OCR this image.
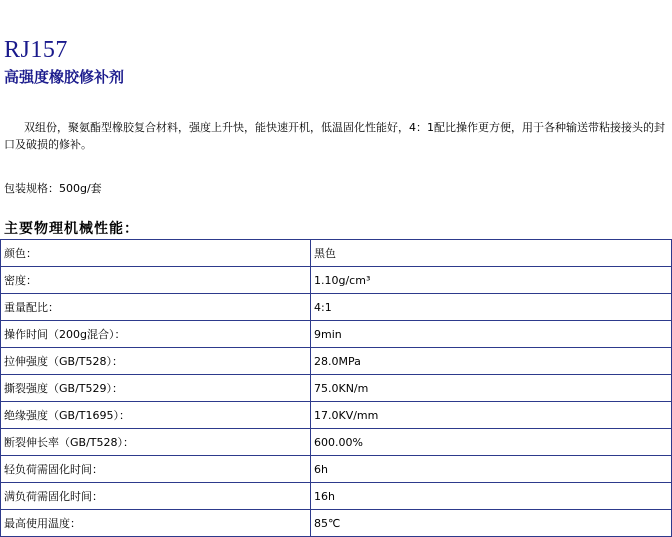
RJ157
高强度橡胶修补剂

双组份，聚氨酯型橡胶复合材料，强度上升快，能快速开机，低温固化性能好，4：1配比操作更方便，用于各种输送带粘接接头的封口及破损的修补。

包装规格：500g/套
主要物理机械性能：
颜色：	黑色
密度：	1.10g/cm³
重量配比：	4:1
操作时间（200g混合）：	9min
拉伸强度（GB/T528）：	28.0MPa
撕裂强度（GB/T529）：	75.0KN/m
绝缘强度（GB/T1695）：	17.0KV/mm
断裂伸长率（GB/T528）：	600.00%
轻负荷需固化时间：	6h
满负荷需固化时间：	16h
最高使用温度：	85℃
